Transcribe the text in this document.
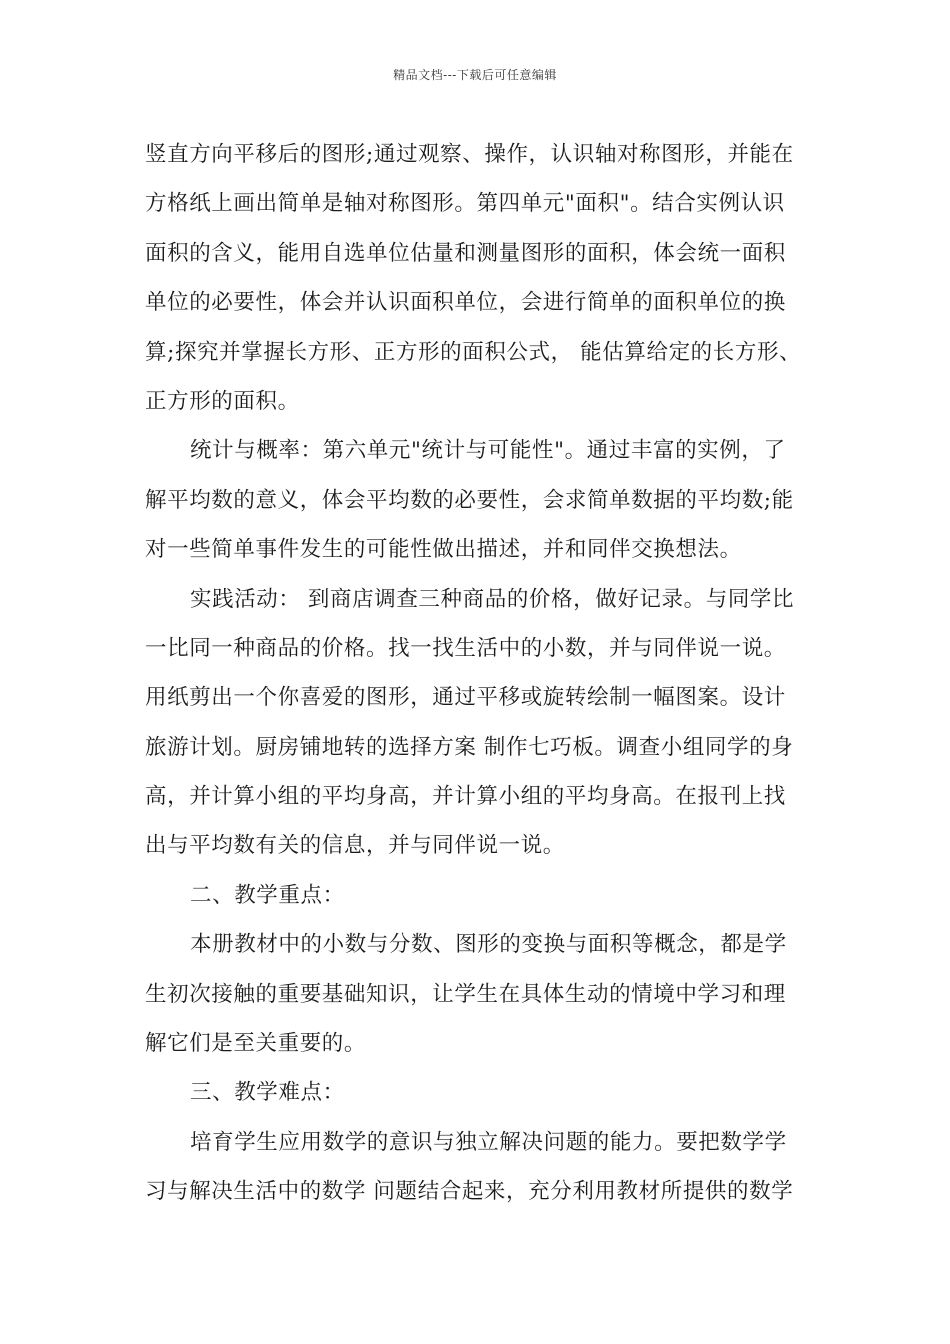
精品文档---下载后可任意编辑
竖直方向平移后的图形;通过观察、操作，认识轴对称图形，并能在
方格纸上画出简单是轴对称图形。第四单元"面积"。结合实例认识
面积的含义，能用自选单位估量和测量图形的面积，体会统一面积
单位的必要性，体会并认识面积单位，会进行简单的面积单位的换
算;探究并掌握长方形、正方形的面积公式， 能估算给定的长方形、
正方形的面积。
统计与概率：第六单元"统计与可能性"。通过丰富的实例，了
解平均数的意义，体会平均数的必要性，会求简单数据的平均数;能
对一些简单事件发生的可能性做出描述，并和同伴交换想法。
实践活动： 到商店调查三种商品的价格，做好记录。与同学比
一比同一种商品的价格。找一找生活中的小数，并与同伴说一说。
用纸剪出一个你喜爱的图形，通过平移或旋转绘制一幅图案。设计
旅游计划。厨房铺地转的选择方案 制作七巧板。调查小组同学的身
高，并计算小组的平均身高，并计算小组的平均身高。在报刊上找
出与平均数有关的信息，并与同伴说一说。
二、教学重点：
本册教材中的小数与分数、图形的变换与面积等概念，都是学
生初次接触的重要基础知识，让学生在具体生动的情境中学习和理
解它们是至关重要的。
三、教学难点：
培育学生应用数学的意识与独立解决问题的能力。要把数学学
习与解决生活中的数学 问题结合起来，充分利用教材所提供的数学
